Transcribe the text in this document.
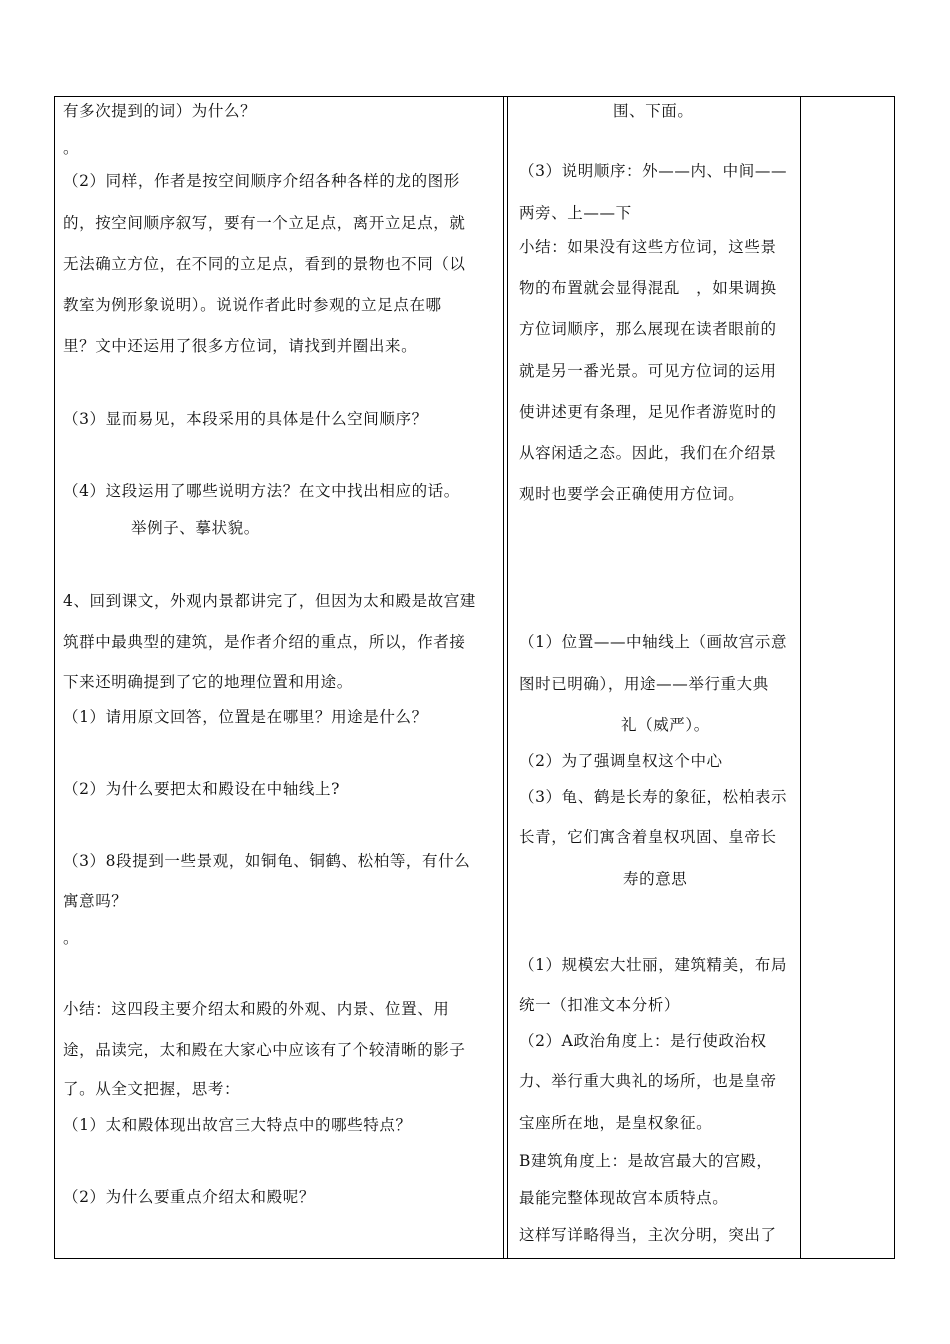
有多次提到的词）为什么？
。
（2）同样，作者是按空间顺序介绍各种各样的龙的图形
的，按空间顺序叙写，要有一个立足点，离开立足点，就
无法确立方位，在不同的立足点，看到的景物也不同（以
教室为例形象说明）。说说作者此时参观的立足点在哪
里？文中还运用了很多方位词，请找到并圈出来。
（3）显而易见，本段采用的具体是什么空间顺序？
（4）这段运用了哪些说明方法？在文中找出相应的话。
举例子、摹状貌。
4、回到课文，外观内景都讲完了，但因为太和殿是故宫建
筑群中最典型的建筑，是作者介绍的重点，所以，作者接
下来还明确提到了它的地理位置和用途。
（1）请用原文回答，位置是在哪里？用途是什么？
（2）为什么要把太和殿设在中轴线上?
（3）8段提到一些景观，如铜龟、铜鹤、松柏等，有什么
寓意吗？
。
小结：这四段主要介绍太和殿的外观、内景、位置、用
途，品读完，太和殿在大家心中应该有了个较清晰的影子
了。从全文把握，思考：
（1）太和殿体现出故宫三大特点中的哪些特点？
（2）为什么要重点介绍太和殿呢？
围、下面。
（3）说明顺序：外——内、中间——
两旁、上——下
小结：如果没有这些方位词，这些景
物的布置就会显得混乱　，如果调换
方位词顺序，那么展现在读者眼前的
就是另一番光景。可见方位词的运用
使讲述更有条理，足见作者游览时的
从容闲适之态。因此，我们在介绍景
观时也要学会正确使用方位词。
（1）位置——中轴线上（画故宫示意
图时已明确），用途——举行重大典
礼（威严）。
（2）为了强调皇权这个中心
（3）龟、鹤是长寿的象征，松柏表示
长青，它们寓含着皇权巩固、皇帝长
寿的意思
（1）规模宏大壮丽，建筑精美，布局
统一（扣准文本分析）
（2）A政治角度上：是行使政治权
力、举行重大典礼的场所，也是皇帝
宝座所在地，是皇权象征。
B建筑角度上：是故宫最大的宫殿，
最能完整体现故宫本质特点。
这样写详略得当，主次分明，突出了
